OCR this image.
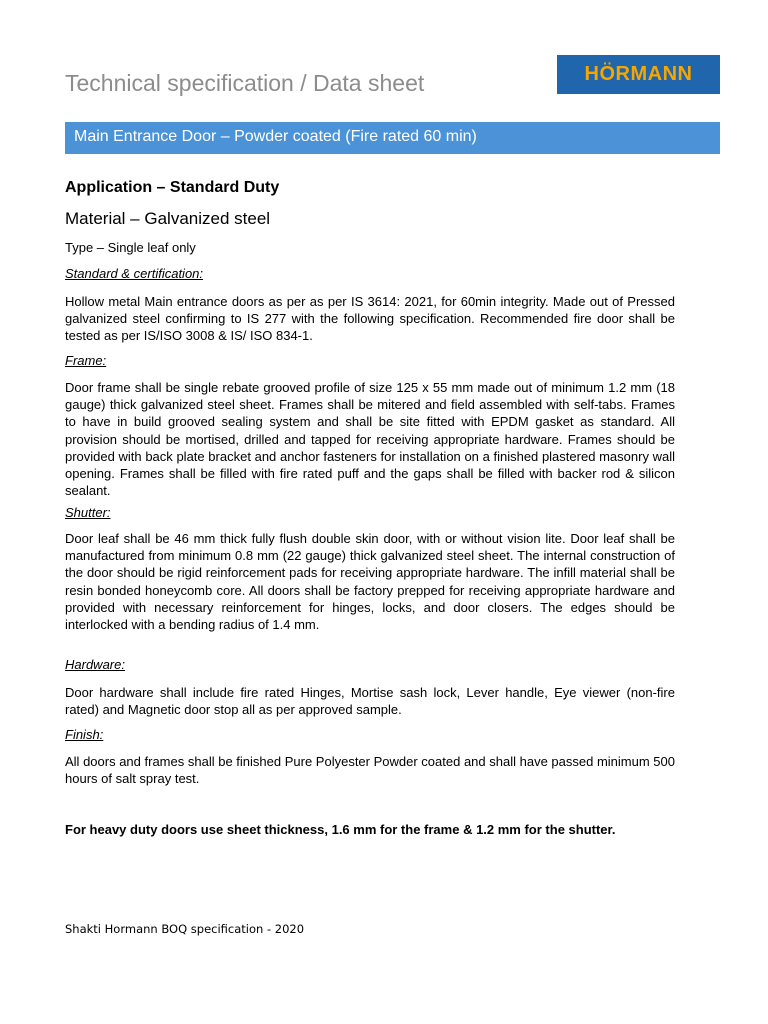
Technical specification / Data sheet	HÖRMANN
Main Entrance Door – Powder coated (Fire rated 60 min)
Application – Standard Duty
Material – Galvanized steel
Type – Single leaf only
Standard & certification:

Hollow metal Main entrance doors as per as per IS 3614: 2021, for 60min integrity. Made out of Pressed galvanized steel confirming to IS 277 with the following specification. Recommended fire door shall be tested as per IS/ISO 3008 & IS/ ISO 834-1.

Frame:

Door frame shall be single rebate grooved profile of size 125 x 55 mm made out of minimum 1.2 mm (18 gauge) thick galvanized steel sheet. Frames shall be mitered and field assembled with self-tabs. Frames to have in build grooved sealing system and shall be site fitted with EPDM gasket as standard. All provision should be mortised, drilled and tapped for receiving appropriate hardware. Frames should be provided with back plate bracket and anchor fasteners for installation on a finished plastered masonry wall opening. Frames shall be filled with fire rated puff and the gaps shall be filled with backer rod & silicon sealant.

Shutter:

Door leaf shall be 46 mm thick fully flush double skin door, with or without vision lite. Door leaf shall be manufactured from minimum 0.8 mm (22 gauge) thick galvanized steel sheet. The internal construction of the door should be rigid reinforcement pads for receiving appropriate hardware. The infill material shall be resin bonded honeycomb core. All doors shall be factory prepped for receiving appropriate hardware and provided with necessary reinforcement for hinges, locks, and door closers. The edges should be interlocked with a bending radius of 1.4 mm.

Hardware:

Door hardware shall include fire rated Hinges, Mortise sash lock, Lever handle, Eye viewer (non-fire rated) and Magnetic door stop all as per approved sample.

Finish:

All doors and frames shall be finished Pure Polyester Powder coated and shall have passed minimum 500 hours of salt spray test.

For heavy duty doors use sheet thickness, 1.6 mm for the frame & 1.2 mm for the shutter.
Shakti Hormann BOQ specification - 2020
